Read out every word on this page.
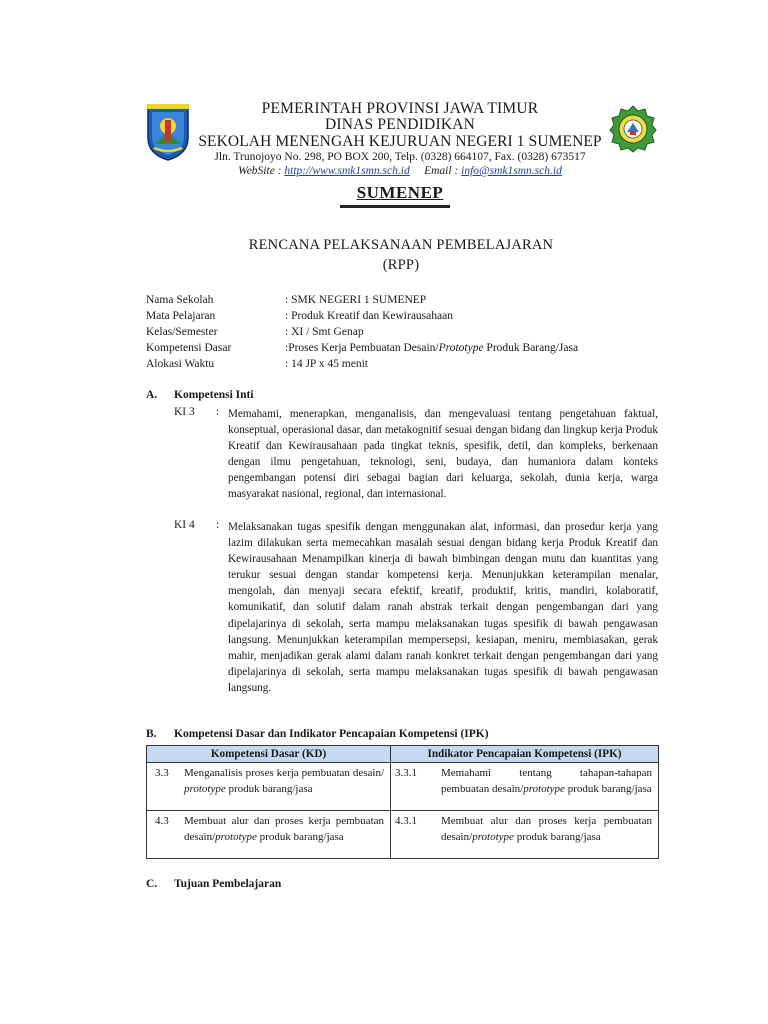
PEMERINTAH PROVINSI JAWA TIMUR
DINAS PENDIDIKAN
SEKOLAH MENENGAH KEJURUAN NEGERI 1 SUMENEP
Jln. Trunojoyo No. 298, PO BOX 200, Telp. (0328) 664107, Fax. (0328) 673517
WebSite : http://www.smk1smn.sch.id Email : info@smk1smn.sch.id
SUMENEP
RENCANA PELAKSANAAN PEMBELAJARAN
(RPP)
Nama Sekolah	: SMK NEGERI 1 SUMENEP
Mata Pelajaran	: Produk Kreatif dan Kewirausahaan
Kelas/Semester	: XI / Smt Genap
Kompetensi Dasar	:Proses Kerja Pembuatan Desain/Prototype Produk Barang/Jasa
Alokasi Waktu	: 14 JP x 45 menit
A. Kompetensi Inti
KI 3 : Memahami, menerapkan, menganalisis, dan mengevaluasi tentang pengetahuan faktual, konseptual, operasional dasar, dan metakognitif sesuai dengan bidang dan lingkup kerja Produk Kreatif dan Kewirausahaan pada tingkat teknis, spesifik, detil, dan kompleks, berkenaan dengan ilmu pengetahuan, teknologi, seni, budaya, dan humaniora dalam konteks pengembangan potensi diri sebagai bagian dari keluarga, sekolah, dunia kerja, warga masyarakat nasional, regional, dan internasional.
KI 4 : Melaksanakan tugas spesifik dengan menggunakan alat, informasi, dan prosedur kerja yang lazim dilakukan serta memecahkan masalah sesuai dengan bidang kerja Produk Kreatif dan Kewirausahaan Menampilkan kinerja di bawah bimbingan dengan mutu dan kuantitas yang terukur sesuai dengan standar kompetensi kerja. Menunjukkan keterampilan menalar, mengolah, dan menyaji secara efektif, kreatif, produktif, kritis, mandiri, kolaboratif, komunikatif, dan solutif dalam ranah abstrak terkait dengan pengembangan dari yang dipelajarinya di sekolah, serta mampu melaksanakan tugas spesifik di bawah pengawasan langsung. Menunjukkan keterampilan mempersepsi, kesiapan, meniru, membiasakan, gerak mahir, menjadikan gerak alami dalam ranah konkret terkait dengan pengembangan dari yang dipelajarinya di sekolah, serta mampu melaksanakan tugas spesifik di bawah pengawasan langsung.
B. Kompetensi Dasar dan Indikator Pencapaian Kompetensi (IPK)
Kompetensi Dasar (KD)		Indikator Pencapaian Kompetensi (IPK)	
3.3	Menganalisis proses kerja pembuatan desain/ prototype produk barang/jasa	3.3.1	Memahami tentang tahapan-tahapan pembuatan desain/prototype produk barang/jasa
4.3	Membuat alur dan proses kerja pembuatan desain/prototype produk barang/jasa	4.3.1	Membuat alur dan proses kerja pembuatan desain/prototype produk barang/jasa
C. Tujuan Pembelajaran
